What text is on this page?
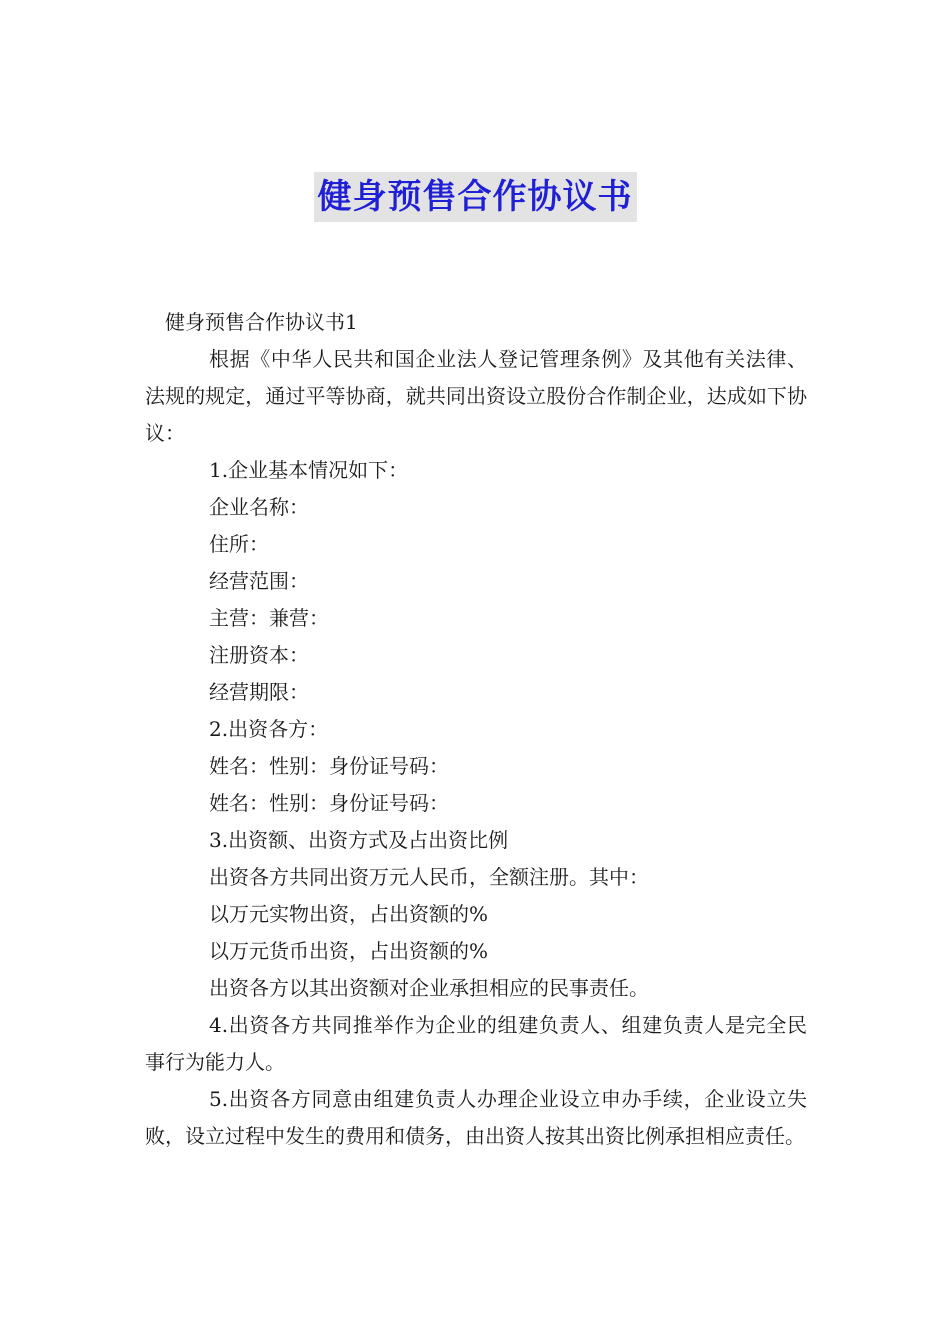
健身预售合作协议书

健身预售合作协议书1

根据《中华人民共和国企业法人登记管理条例》及其他有关法律、法规的规定，通过平等协商，就共同出资设立股份合作制企业，达成如下协议：

1.企业基本情况如下：

企业名称：

住所：

经营范围：

主营：兼营：

注册资本：

经营期限：

2.出资各方：

姓名：性别：身份证号码：

姓名：性别：身份证号码：

3.出资额、出资方式及占出资比例

出资各方共同出资万元人民币，全额注册。其中：

以万元实物出资，占出资额的%

以万元货币出资，占出资额的%

出资各方以其出资额对企业承担相应的民事责任。

4.出资各方共同推举作为企业的组建负责人、组建负责人是完全民事行为能力人。

5.出资各方同意由组建负责人办理企业设立申办手续，企业设立失败，设立过程中发生的费用和债务，由出资人按其出资比例承担相应责任。
